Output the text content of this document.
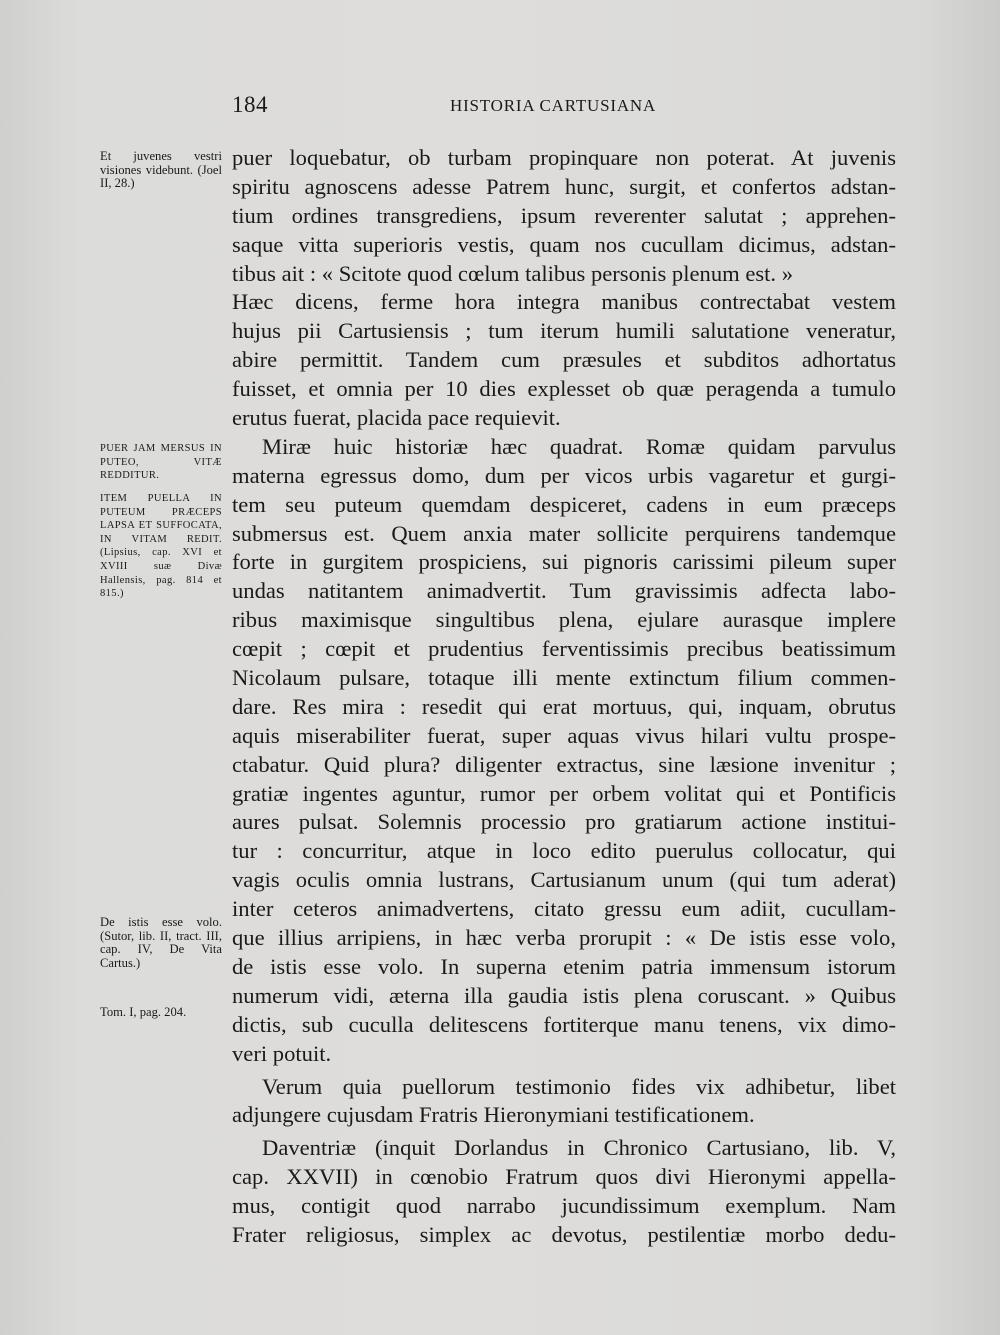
184	HISTORIA CARTUSIANA
Et juvenes vestri visiones videbunt. (Joel II, 28.)
PUER JAM MERSUS IN PUTEO, VITÆ REDDITUR.
ITEM PUELLA IN PUTEUM PRÆCEPS LAPSA ET SUFFOCATA, IN VITAM REDIT. (Lipsius, cap. XVI et XVIII suæ Divæ Hallensis, pag. 814 et 815.)
De istis esse volo. (Sutor, lib. II, tract. III, cap. IV, De Vita Cartus.)
Tom. I, pag. 204.
puer loquebatur, ob turbam propinquare non poterat. At juvenis
spiritu agnoscens adesse Patrem hunc, surgit, et confertos adstan-
tium ordines transgrediens, ipsum reverenter salutat ; apprehen-
saque vitta superioris vestis, quam nos cucullam dicimus, adstan-
tibus ait : « Scitote quod cœlum talibus personis plenum est. »
Hæc dicens, ferme hora integra manibus contrectabat vestem
hujus pii Cartusiensis ; tum iterum humili salutatione veneratur,
abire permittit. Tandem cum præsules et subditos adhortatus
fuisset, et omnia per 10 dies explesset ob quæ peragenda a tumulo
erutus fuerat, placida pace requievit.
Miræ huic historiæ hæc quadrat. Romæ quidam parvulus
materna egressus domo, dum per vicos urbis vagaretur et gurgi-
tem seu puteum quemdam despiceret, cadens in eum præceps
submersus est. Quem anxia mater sollicite perquirens tandemque
forte in gurgitem prospiciens, sui pignoris carissimi pileum super
undas natitantem animadvertit. Tum gravissimis adfecta labo-
ribus maximisque singultibus plena, ejulare aurasque implere
cœpit ; cœpit et prudentius ferventissimis precibus beatissimum
Nicolaum pulsare, totaque illi mente extinctum filium commen-
dare. Res mira : resedit qui erat mortuus, qui, inquam, obrutus
aquis miserabiliter fuerat, super aquas vivus hilari vultu prospe-
ctabatur. Quid plura? diligenter extractus, sine læsione invenitur ;
gratiæ ingentes aguntur, rumor per orbem volitat qui et Pontificis
aures pulsat. Solemnis processio pro gratiarum actione institui-
tur : concurritur, atque in loco edito puerulus collocatur, qui
vagis oculis omnia lustrans, Cartusianum unum (qui tum aderat)
inter ceteros animadvertens, citato gressu eum adiit, cucullam-
que illius arripiens, in hæc verba prorupit : « De istis esse volo,
de istis esse volo. In superna etenim patria immensum istorum
numerum vidi, æterna illa gaudia istis plena coruscant. » Quibus
dictis, sub cuculla delitescens fortiterque manu tenens, vix dimo-
veri potuit.
Verum quia puellorum testimonio fides vix adhibetur, libet
adjungere cujusdam Fratris Hieronymiani testificationem.
Daventriæ (inquit Dorlandus in Chronico Cartusiano, lib. V,
cap. XXVII) in cœnobio Fratrum quos divi Hieronymi appella-
mus, contigit quod narrabo jucundissimum exemplum. Nam
Frater religiosus, simplex ac devotus, pestilentiæ morbo dedu-
